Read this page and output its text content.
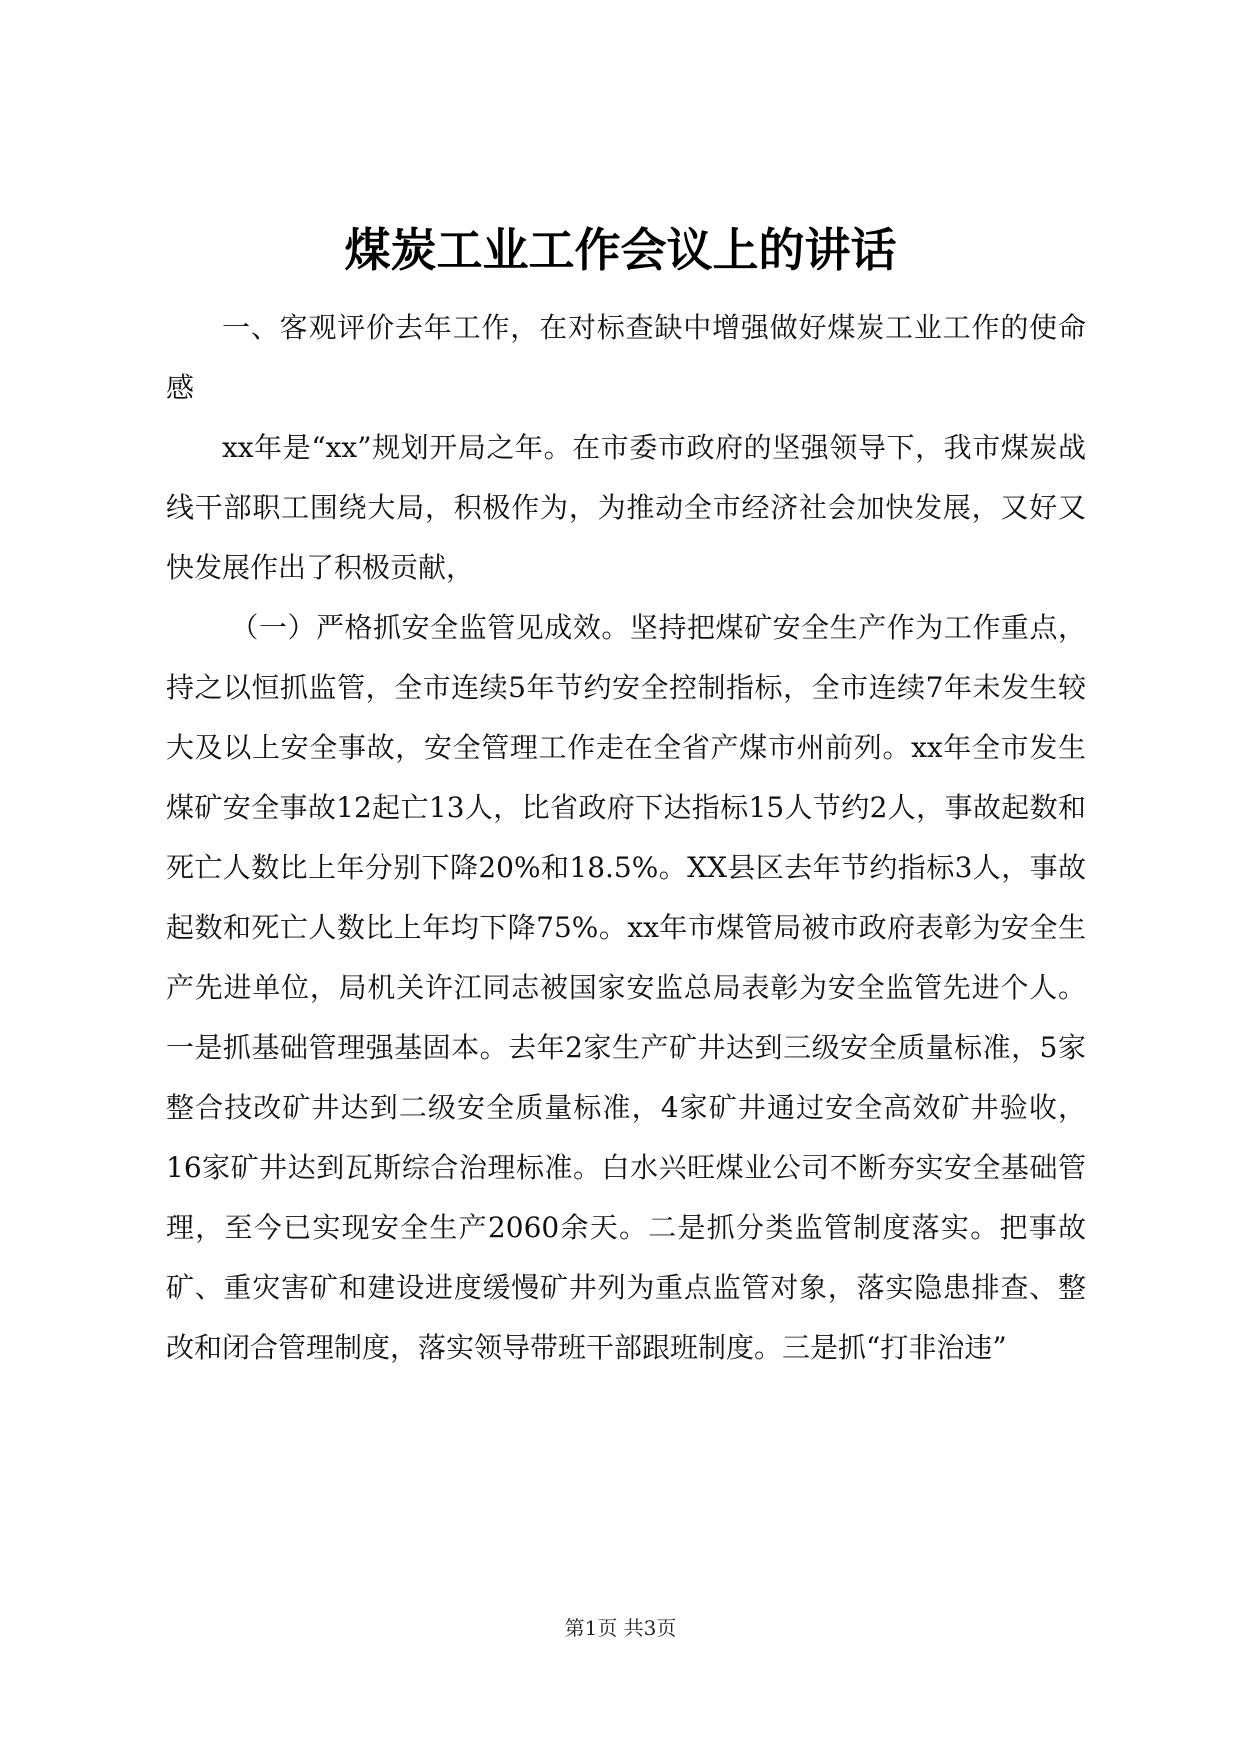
煤炭工业工作会议上的讲话

一、客观评价去年工作，在对标查缺中增强做好煤炭工业工作的使命感

xx年是“xx”规划开局之年。在市委市政府的坚强领导下，我市煤炭战线干部职工围绕大局，积极作为，为推动全市经济社会加快发展，又好又快发展作出了积极贡献，

（一）严格抓安全监管见成效。坚持把煤矿安全生产作为工作重点，持之以恒抓监管，全市连续5年节约安全控制指标，全市连续7年未发生较大及以上安全事故，安全管理工作走在全省产煤市州前列。xx年全市发生煤矿安全事故12起亡13人，比省政府下达指标15人节约2人，事故起数和死亡人数比上年分别下降20%和18.5%。XX县区去年节约指标3人，事故起数和死亡人数比上年均下降75%。xx年市煤管局被市政府表彰为安全生产先进单位，局机关许江同志被国家安监总局表彰为安全监管先进个人。一是抓基础管理强基固本。去年2家生产矿井达到三级安全质量标准，5家整合技改矿井达到二级安全质量标准，4家矿井通过安全高效矿井验收，16家矿井达到瓦斯综合治理标准。白水兴旺煤业公司不断夯实安全基础管理，至今已实现安全生产2060余天。二是抓分类监管制度落实。把事故矿、重灾害矿和建设进度缓慢矿井列为重点监管对象，落实隐患排查、整改和闭合管理制度，落实领导带班干部跟班制度。三是抓“打非治违”

第1页 共3页
